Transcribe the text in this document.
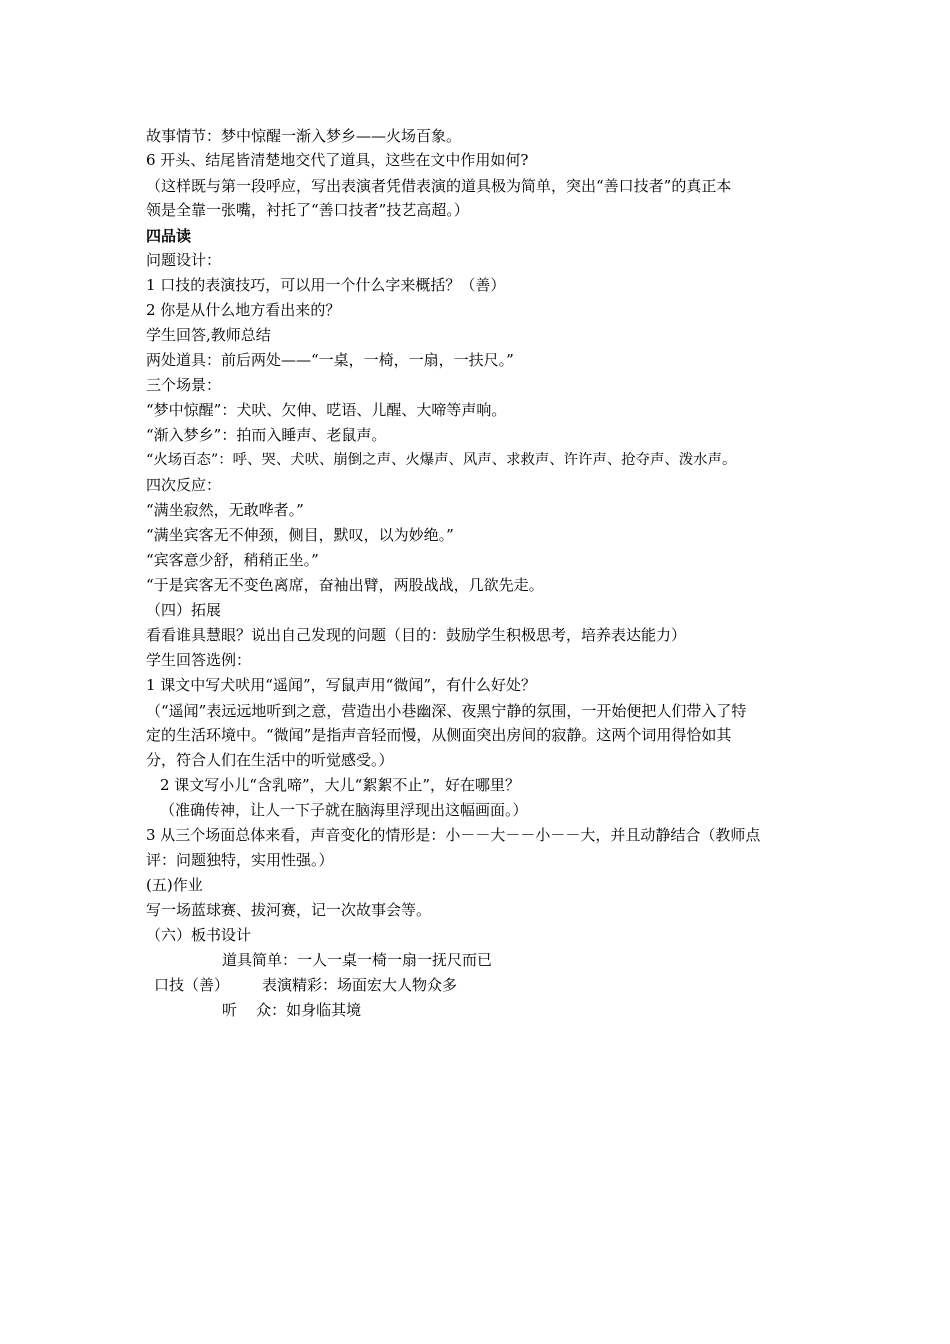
故事情节：梦中惊醒一渐入梦乡——火场百象。
6 开头、结尾皆清楚地交代了道具，这些在文中作用如何?
（这样既与第一段呼应，写出表演者凭借表演的道具极为简单，突出“善口技者”的真正本
领是全靠一张嘴，衬托了“善口技者”技艺高超。）
四品读
问题设计：
1 口技的表演技巧，可以用一个什么字来概括？（善）
2 你是从什么地方看出来的？
学生回答,教师总结
两处道具：前后两处——“一桌，一椅，一扇，一扶尺。”
三个场景：
“梦中惊醒”：犬吠、欠伸、呓语、儿醒、大啼等声响。
“渐入梦乡”：拍而入睡声、老鼠声。
“火场百态”：呼、哭、犬吠、崩倒之声、火爆声、风声、求救声、许许声、抢夺声、泼水声。
四次反应：
“满坐寂然，无敢哗者。”
“满坐宾客无不伸颈，侧目，默叹，以为妙绝。”
“宾客意少舒，稍稍正坐。”
“于是宾客无不变色离席，奋袖出臂，两股战战，几欲先走。
（四）拓展
看看谁具慧眼？说出自己发现的问题（目的：鼓励学生积极思考，培养表达能力）
学生回答选例：
1 课文中写犬吠用“遥闻”，写鼠声用“微闻”，有什么好处？
（“遥闻”表远远地听到之意，营造出小巷幽深、夜黑宁静的氛围，一开始便把人们带入了特
定的生活环境中。“微闻”是指声音轻而慢，从侧面突出房间的寂静。这两个词用得恰如其
分，符合人们在生活中的听觉感受。）
2 课文写小儿“含乳啼”，大儿“絮絮不止”，好在哪里？
（准确传神，让人一下子就在脑海里浮现出这幅画面。）
3 从三个场面总体来看，声音变化的情形是：小－－大－－小－－大，并且动静结合（教师点
评：问题独特，实用性强。）
(五)作业
写一场蓝球赛、拔河赛，记一次故事会等。
（六）板书设计
道具简单：一人一桌一椅一扇一抚尺而已
口技（善）	表演精彩：场面宏大人物众多
听    众：如身临其境
